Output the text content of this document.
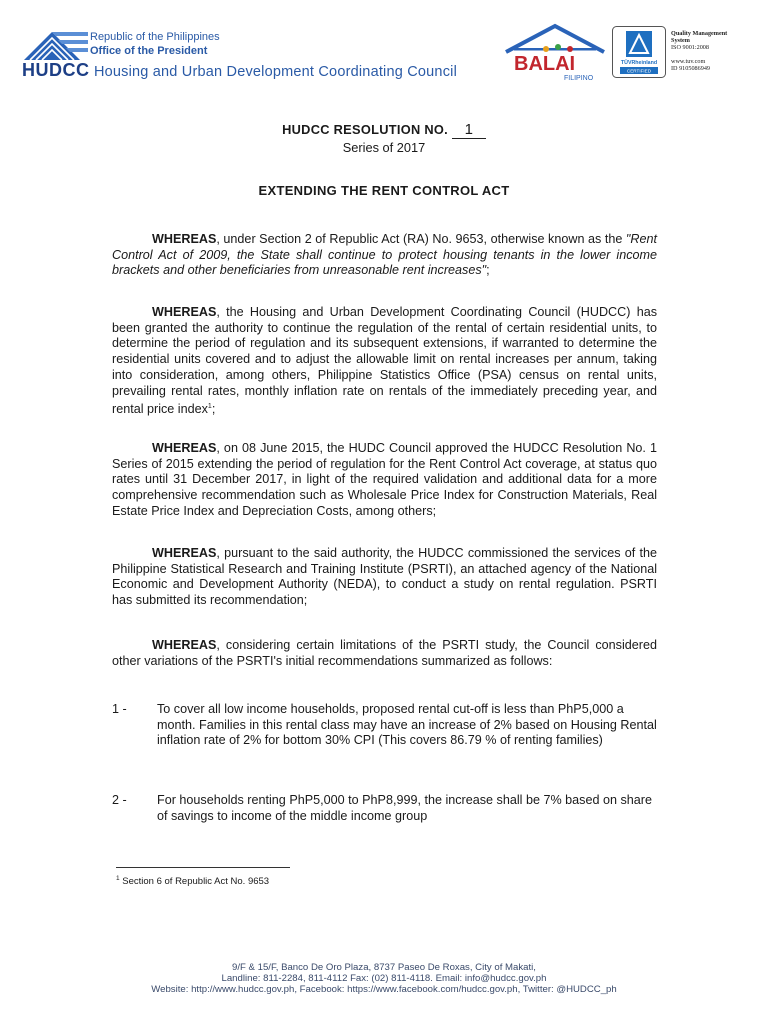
Republic of the Philippines
Office of the President
HUDCC Housing and Urban Development Coordinating Council	BALAI
FILIPINO
TÜVRheinland
CERTIFIED
Quality Management
System
ISO 9001:2008

www.tuv.com
ID 9105086949
HUDCC RESOLUTION NO. 1
Series of 2017
EXTENDING THE RENT CONTROL ACT
WHEREAS, under Section 2 of Republic Act (RA) No. 9653, otherwise known as the "Rent Control Act of 2009, the State shall continue to protect housing tenants in the lower income brackets and other beneficiaries from unreasonable rent increases";
WHEREAS, the Housing and Urban Development Coordinating Council (HUDCC) has been granted the authority to continue the regulation of the rental of certain residential units, to determine the period of regulation and its subsequent extensions, if warranted to determine the residential units covered and to adjust the allowable limit on rental increases per annum, taking into consideration, among others, Philippine Statistics Office (PSA) census on rental units, prevailing rental rates, monthly inflation rate on rentals of the immediately preceding year, and rental price index$^1$;
WHEREAS, on 08 June 2015, the HUDC Council approved the HUDCC Resolution No. 1 Series of 2015 extending the period of regulation for the Rent Control Act coverage, at status quo rates until 31 December 2017, in light of the required validation and additional data for a more comprehensive recommendation such as Wholesale Price Index for Construction Materials, Real Estate Price Index and Depreciation Costs, among others;
WHEREAS, pursuant to the said authority, the HUDCC commissioned the services of the Philippine Statistical Research and Training Institute (PSRTI), an attached agency of the National Economic and Development Authority (NEDA), to conduct a study on rental regulation. PSRTI has submitted its recommendation;
WHEREAS, considering certain limitations of the PSRTI study, the Council considered other variations of the PSRTI's initial recommendations summarized as follows:
1 - To cover all low income households, proposed rental cut-off is less than PhP5,000 a month. Families in this rental class may have an increase of 2% based on Housing Rental inflation rate of 2% for bottom 30% CPI (This covers 86.79 % of renting families)
2 - For households renting PhP5,000 to PhP8,999, the increase shall be 7% based on share of savings to income of the middle income group
$^1$ Section 6 of Republic Act No. 9653
9/F & 15/F, Banco De Oro Plaza, 8737 Paseo De Roxas, City of Makati,
Landline: 811-2284, 811-4112 Fax: (02) 811-4118. Email: info@hudcc.gov.ph
Website: http://www.hudcc.gov.ph, Facebook: https://www.facebook.com/hudcc.gov.ph, Twitter: @HUDCC_ph
